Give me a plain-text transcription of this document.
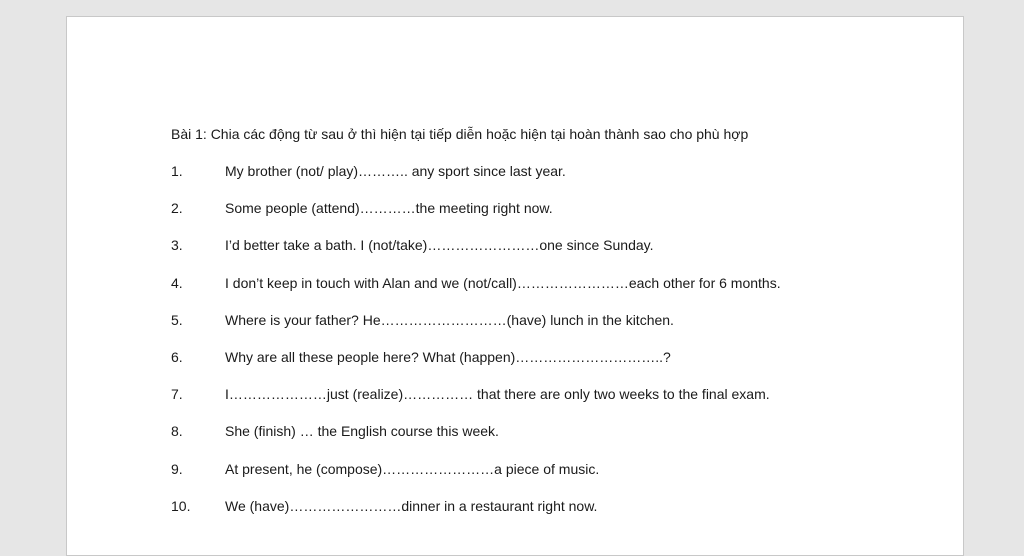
Bài 1: Chia các động từ sau ở thì hiện tại tiếp diễn hoặc hiện tại hoàn thành sao cho phù hợp
1.	My brother (not/ play)……….. any sport since last year.
2.	Some people (attend)…………the meeting right now.
3.	I’d better take a bath. I (not/take)……………………one since Sunday.
4.	I don’t keep in touch with Alan and we (not/call)……………………each other for 6 months.
5.	Where is your father? He………………………(have) lunch in the kitchen.
6.	Why are all these people here? What (happen)…………………………..?
7.	I…………………just (realize)…………… that there are only two weeks to the final exam.
8.	She (finish) … the English course this week.
9.	At present, he (compose)……………………a piece of music.
10.	We (have)……………………dinner in a restaurant right now.
